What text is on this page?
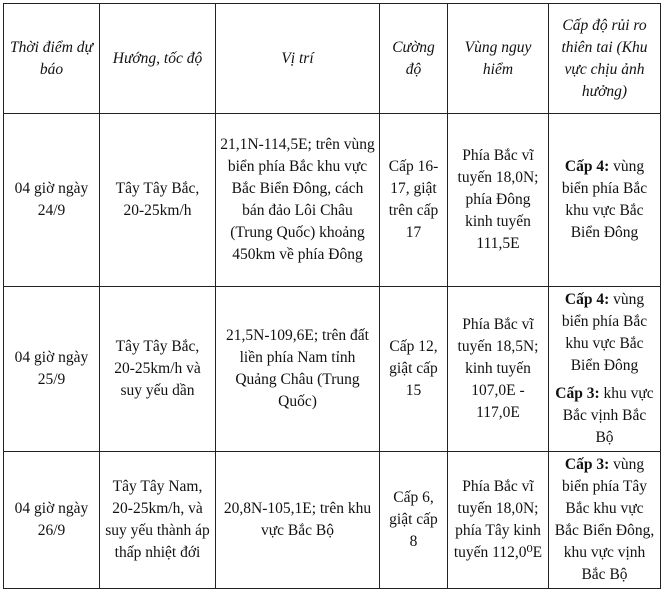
Thời điểm dự báo	Hướng, tốc độ	Vị trí	Cường độ	Vùng nguy hiểm	Cấp độ rủi ro thiên tai (Khu vực chịu ảnh hưởng)
04 giờ ngày 24/9	Tây Tây Bắc, 20-25km/h	21,1N-114,5E; trên vùng biển phía Bắc khu vực Bắc Biển Đông, cách bán đảo Lôi Châu (Trung Quốc) khoảng 450km về phía Đông	Cấp 16-17, giật trên cấp 17	Phía Bắc vĩ tuyến 18,0N; phía Đông kinh tuyến 111,5E	Cấp 4: vùng biển phía Bắc khu vực Bắc Biển Đông

04 giờ ngày 25/9	Tây Tây Bắc, 20-25km/h và suy yếu dần	21,5N-109,6E; trên đất liền phía Nam tỉnh Quảng Châu (Trung Quốc)	Cấp 12, giật cấp 15	Phía Bắc vĩ tuyến 18,5N; kinh tuyến 107,0E - 117,0E	Cấp 4: vùng biển phía Bắc khu vực Bắc Biển Đông
Cấp 3: khu vực Bắc vịnh Bắc Bộ

04 giờ ngày 26/9	Tây Tây Nam, 20-25km/h, và suy yếu thành áp thấp nhiệt đới	20,8N-105,1E; trên khu vực Bắc Bộ	Cấp 6, giật cấp 8	Phía Bắc vĩ tuyến 18,0N; phía Tây kinh tuyến 112,0⁰E	Cấp 3: vùng biển phía Tây Bắc khu vực Bắc Biển Đông, khu vực vịnh Bắc Bộ
